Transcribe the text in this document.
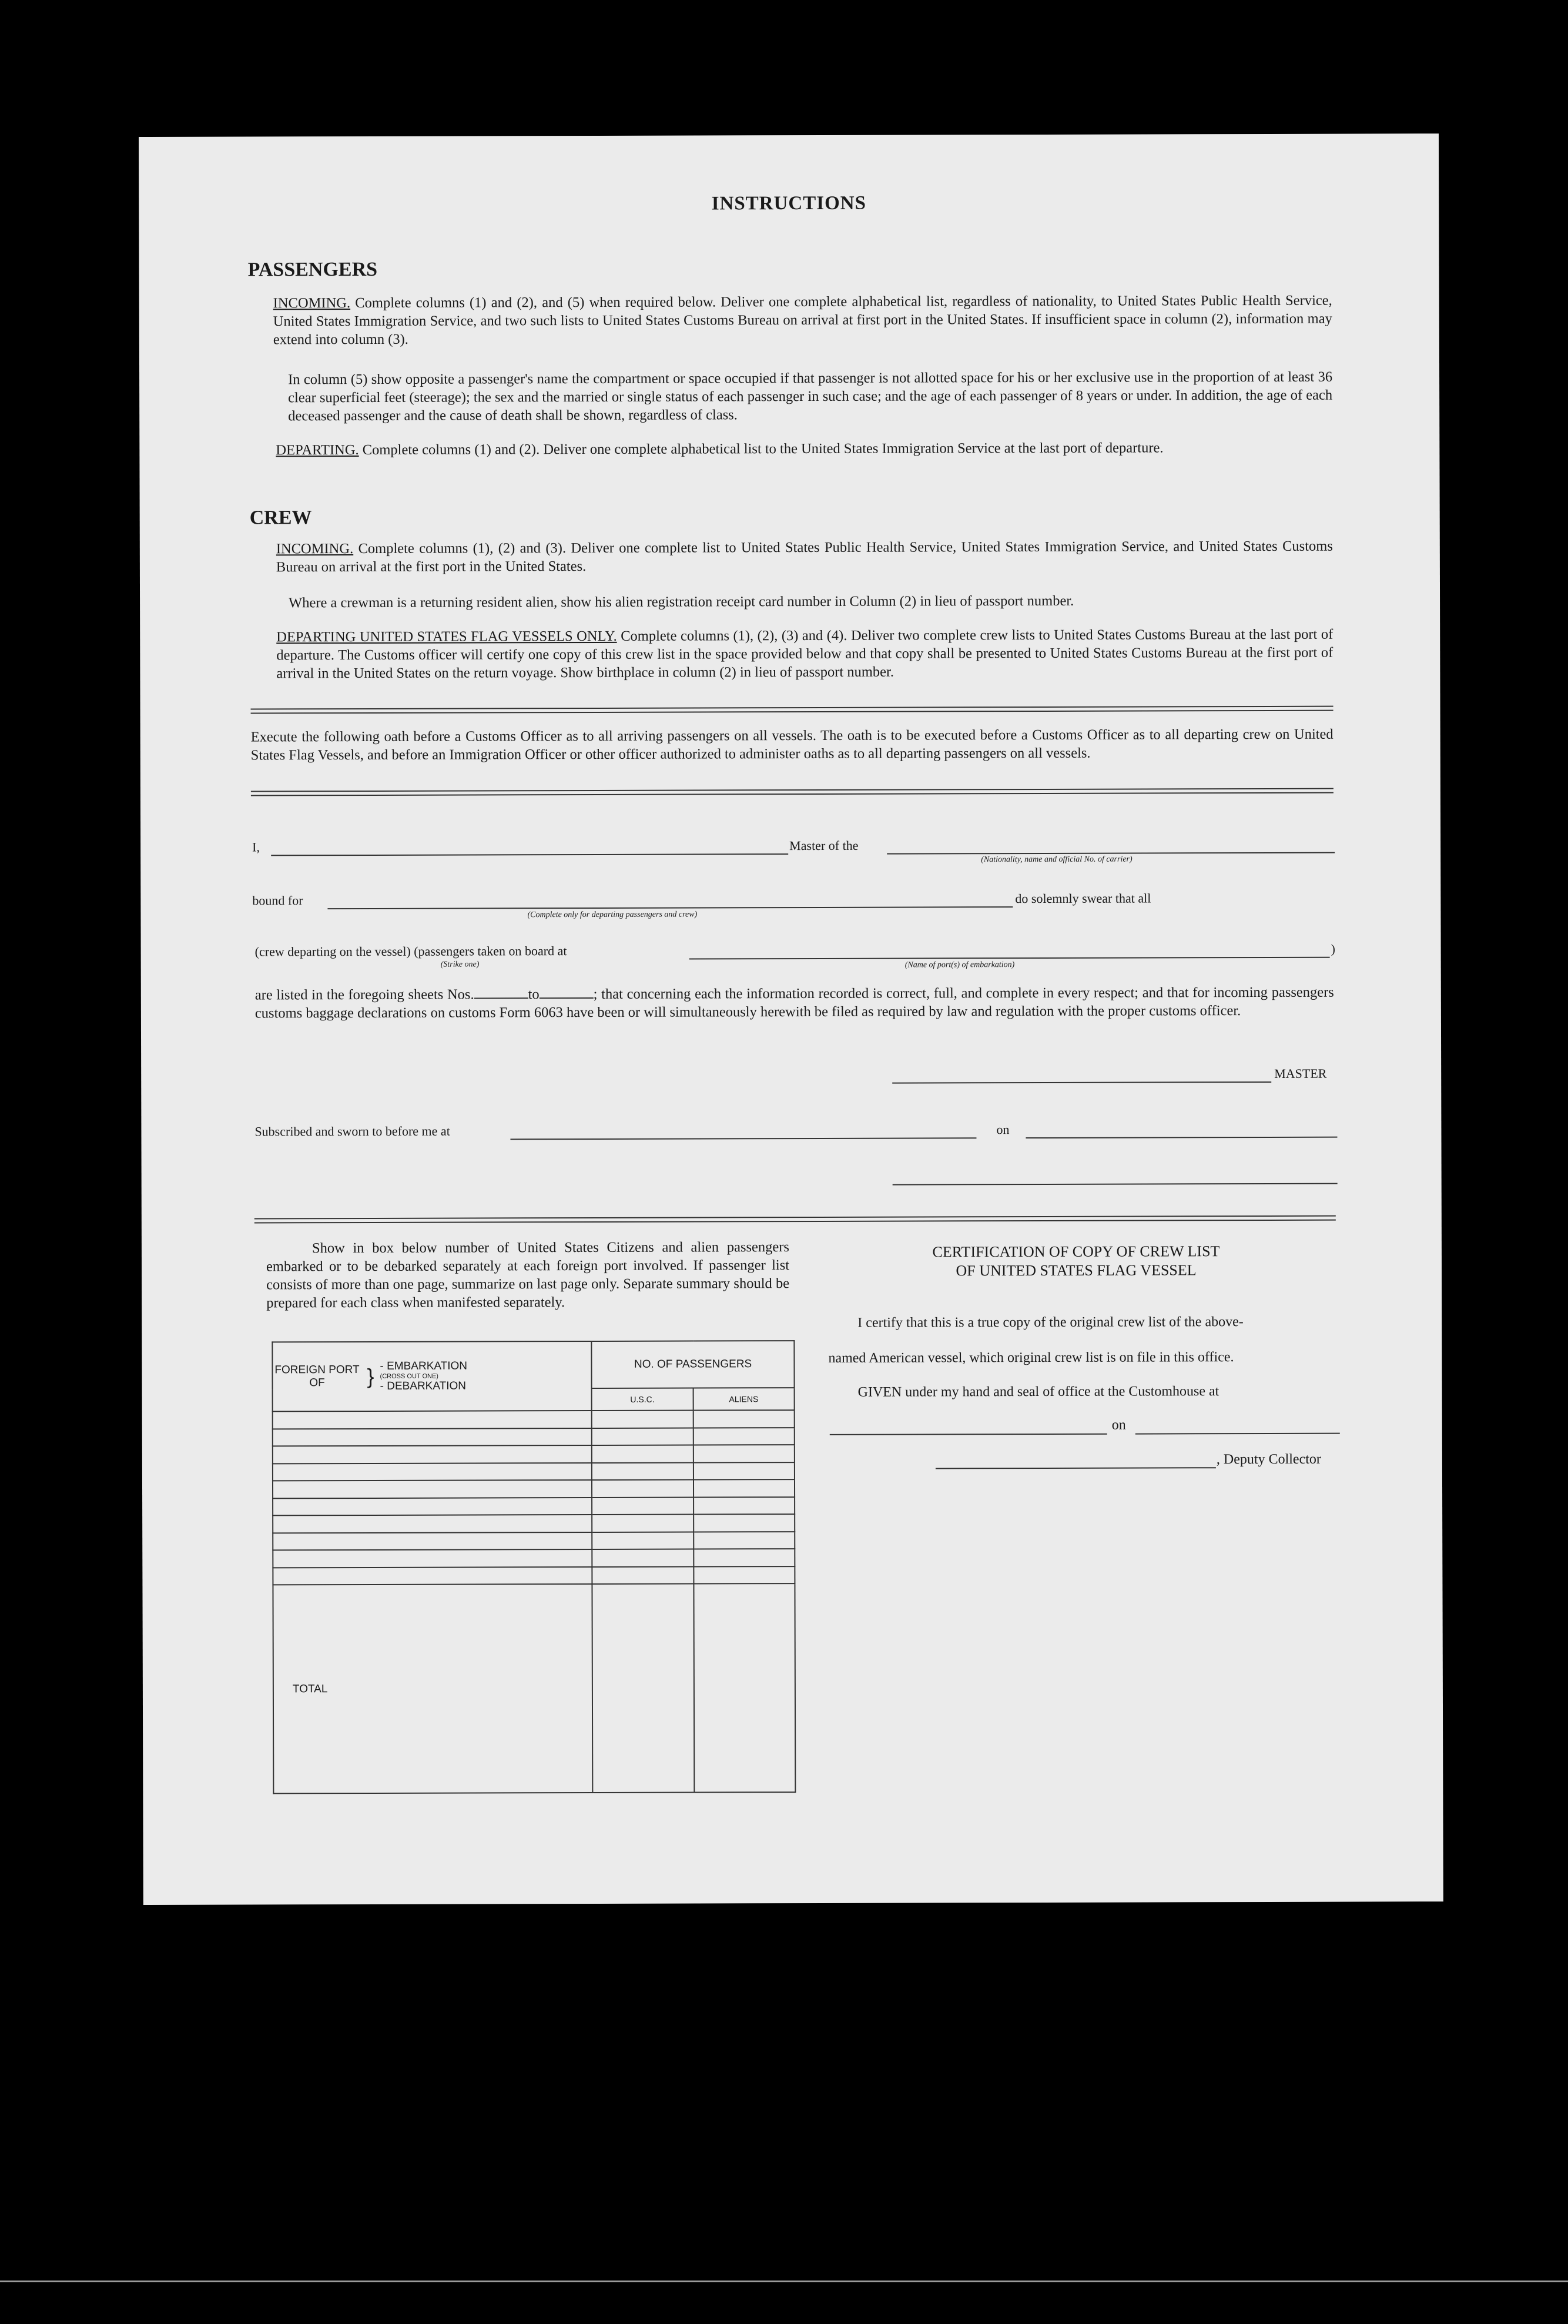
INSTRUCTIONS
PASSENGERS
INCOMING. Complete columns (1) and (2), and (5) when required below. Deliver one complete alphabetical list, regardless of nationality, to United States Public Health Service, United States Immigration Service, and two such lists to United States Customs Bureau on arrival at first port in the United States. If insufficient space in column (2), information may extend into column (3).
In column (5) show opposite a passenger's name the compartment or space occupied if that passenger is not allotted space for his or her exclusive use in the proportion of at least 36 clear superficial feet (steerage); the sex and the married or single status of each passenger in such case; and the age of each passenger of 8 years or under. In addition, the age of each deceased passenger and the cause of death shall be shown, regardless of class.
DEPARTING. Complete columns (1) and (2). Deliver one complete alphabetical list to the United States Immigration Service at the last port of departure.
CREW
INCOMING. Complete columns (1), (2) and (3). Deliver one complete list to United States Public Health Service, United States Immigration Service, and United States Customs Bureau on arrival at the first port in the United States.
Where a crewman is a returning resident alien, show his alien registration receipt card number in Column (2) in lieu of passport number.
DEPARTING UNITED STATES FLAG VESSELS ONLY. Complete columns (1), (2), (3) and (4). Deliver two complete crew lists to United States Customs Bureau at the last port of departure. The Customs officer will certify one copy of this crew list in the space provided below and that copy shall be presented to United States Customs Bureau at the first port of arrival in the United States on the return voyage. Show birthplace in column (2) in lieu of passport number.
Execute the following oath before a Customs Officer as to all arriving passengers on all vessels. The oath is to be executed before a Customs Officer as to all departing crew on United States Flag Vessels, and before an Immigration Officer or other officer authorized to administer oaths as to all departing passengers on all vessels.
I,	Master of the
(Nationality, name and official No. of carrier)
bound for	do solemnly swear that all
(Complete only for departing passengers and crew)
(crew departing on the vessel) (passengers taken on board at	)
(Strike one)	(Name of port(s) of embarkation)
are listed in the foregoing sheets Nos.	to	; that concerning each the information recorded is correct, full, and complete in every respect; and that for incoming passengers customs baggage declarations on customs Form 6063 have been or will simultaneously herewith be filed as required by law and regulation with the proper customs officer.
MASTER
Subscribed and sworn to before me at	on
Show in box below number of United States Citizens and alien passengers embarked or to be debarked separately at each foreign port involved. If passenger list consists of more than one page, summarize on last page only. Separate summary should be prepared for each class when manifested separately.
FOREIGN PORT OF } - EMBARKATION
(CROSS OUT ONE)
- DEBARKATION	NO. OF PASSENGERS	
	U.S.C.	ALIENS

TOTAL		
CERTIFICATION OF COPY OF CREW LIST
OF UNITED STATES FLAG VESSEL
I certify that this is a true copy of the original crew list of the above-
named American vessel, which original crew list is on file in this office.
GIVEN under my hand and seal of office at the Customhouse at
on
, Deputy Collector
